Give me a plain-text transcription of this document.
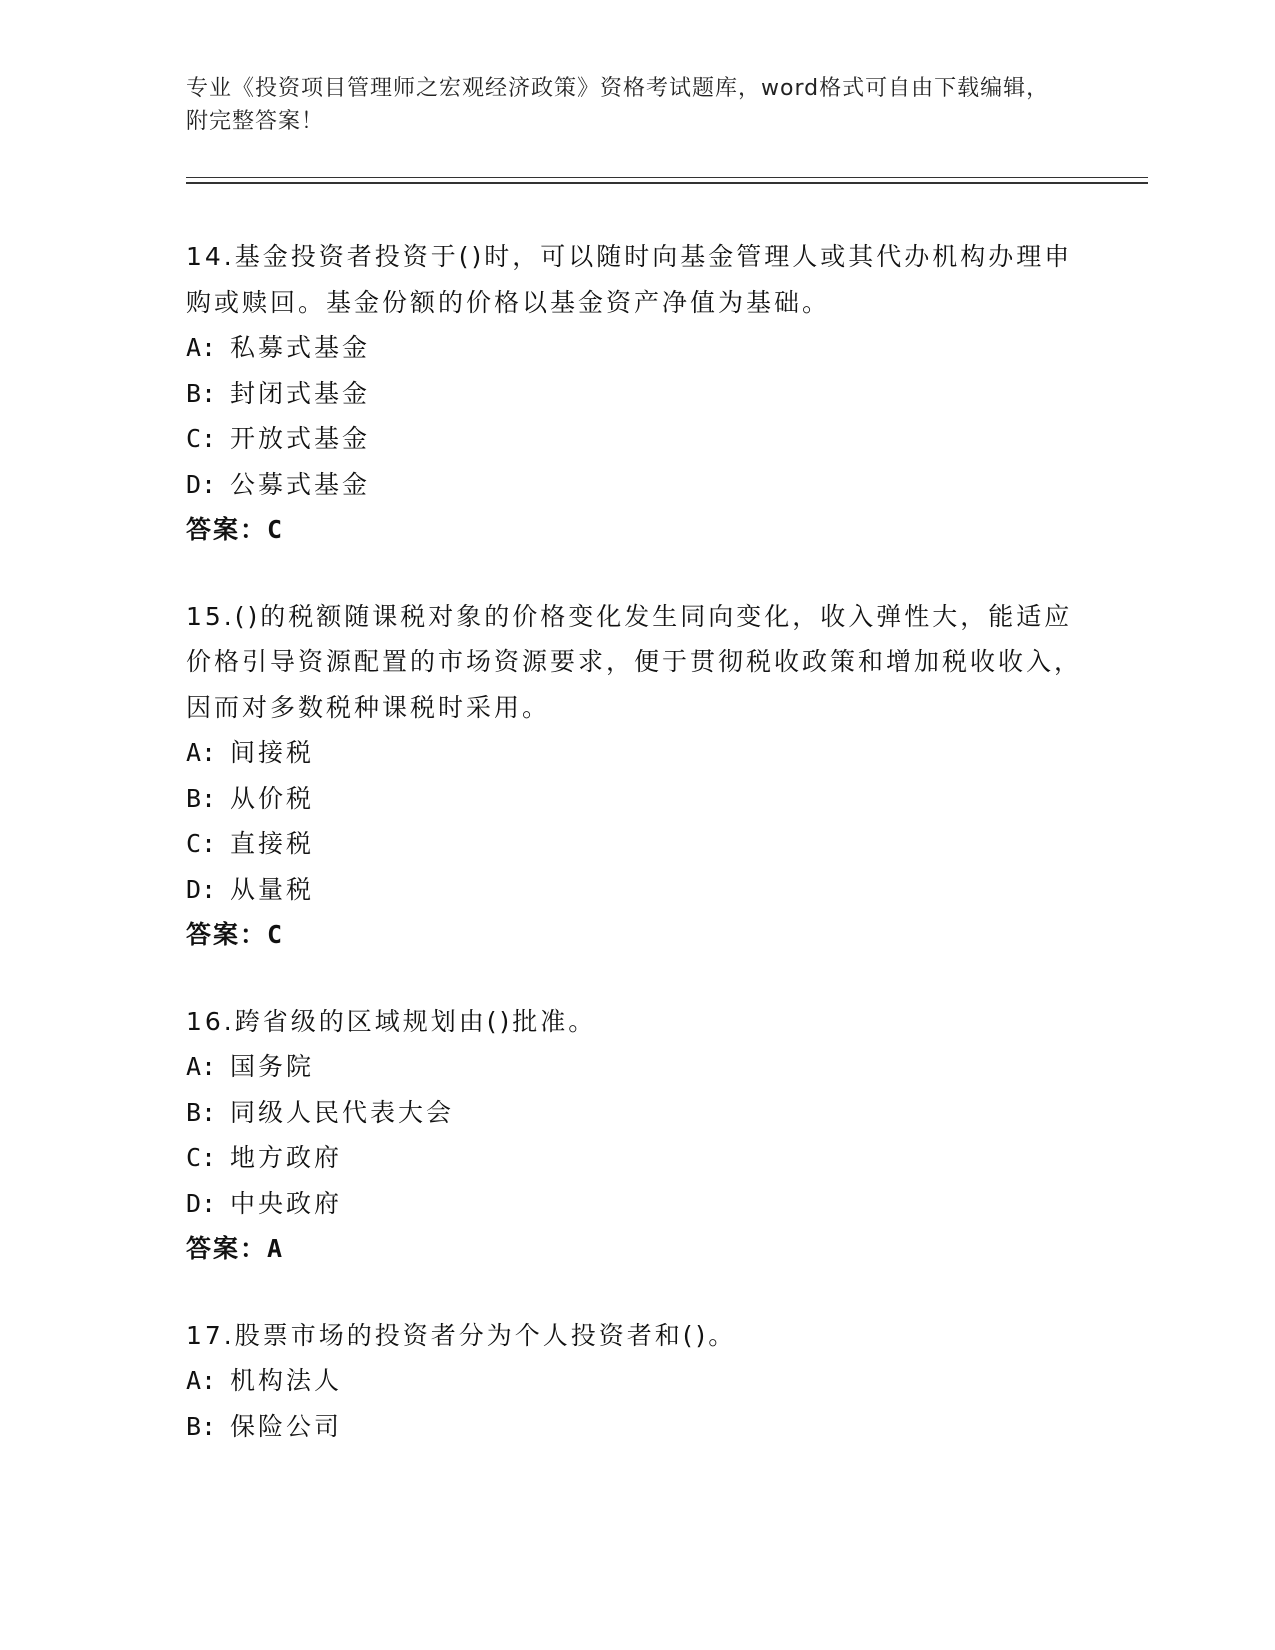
专业《投资项目管理师之宏观经济政策》资格考试题库，word格式可自由下载编辑，附完整答案！
14.基金投资者投资于()时，可以随时向基金管理人或其代办机构办理申购或赎回。基金份额的价格以基金资产净值为基础。
A: 私募式基金
B: 封闭式基金
C: 开放式基金
D: 公募式基金
答案：C
15.()的税额随课税对象的价格变化发生同向变化，收入弹性大，能适应价格引导资源配置的市场资源要求，便于贯彻税收政策和增加税收收入，因而对多数税种课税时采用。
A: 间接税
B: 从价税
C: 直接税
D: 从量税
答案：C
16.跨省级的区域规划由()批准。
A: 国务院
B: 同级人民代表大会
C: 地方政府
D: 中央政府
答案：A
17.股票市场的投资者分为个人投资者和()。
A: 机构法人
B: 保险公司
